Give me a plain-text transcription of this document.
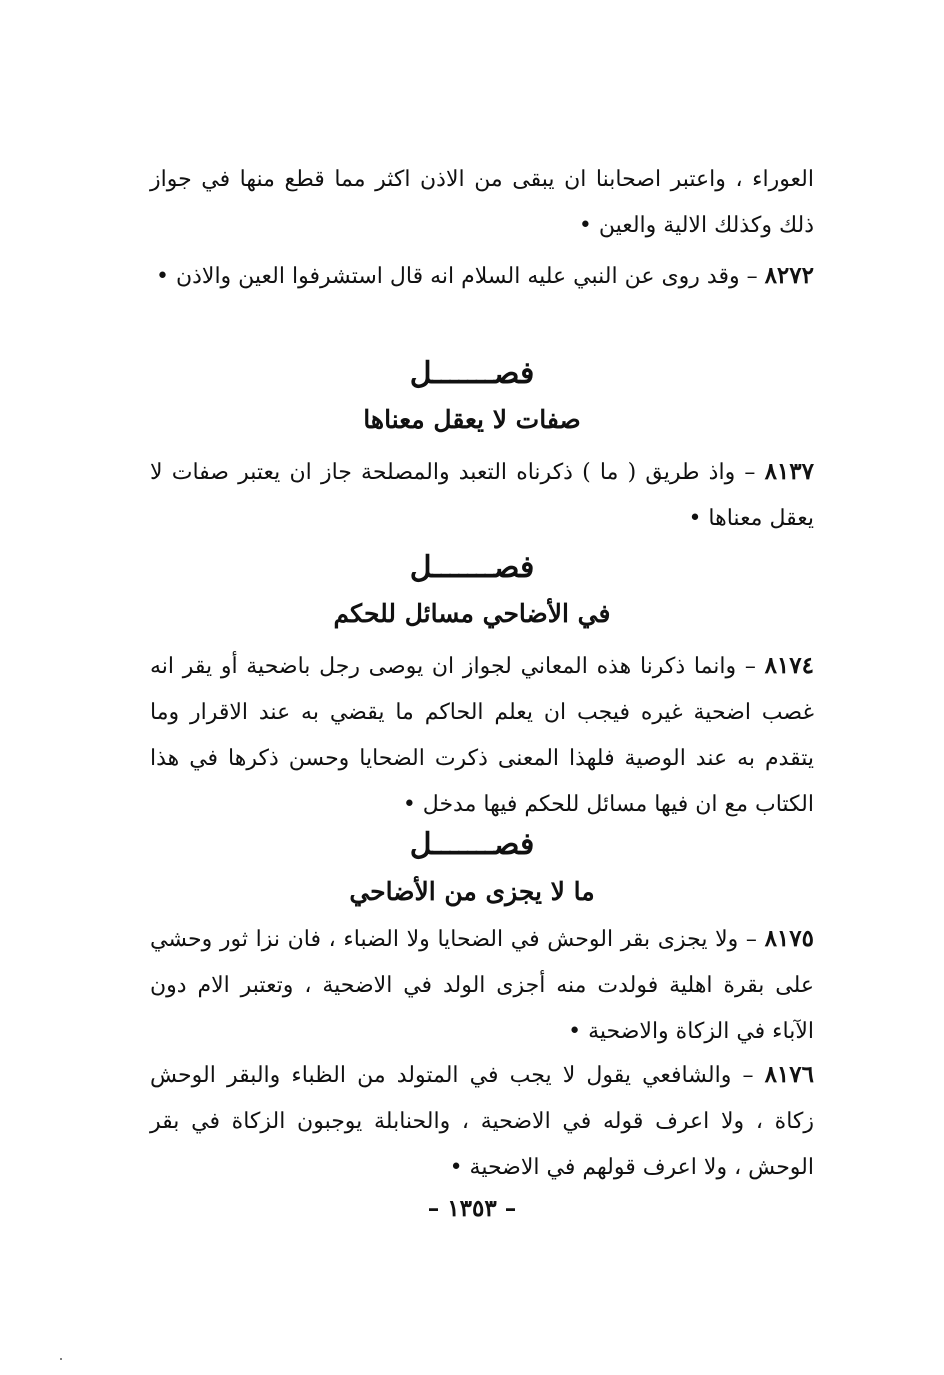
العوراء ، واعتبر اصحابنا ان يبقى من الاذن اكثر مما قطع منها في جواز ذلك وكذلك الالية والعين •
٨٢٧٢ – وقد روى عن النبي عليه السلام انه قال استشرفوا العين والاذن •
فصـــــــل
صفات لا يعقل معناها
٨١٣٧ – واذ طريق ( ما ) ذكرناه التعبد والمصلحة جاز ان يعتبر صفات لا يعقل معناها •
فصـــــــل
في الأضاحي مسائل للحكم
٨١٧٤ – وانما ذكرنا هذه المعاني لجواز ان يوصى رجل باضحية أو يقر انه غصب اضحية غيره فيجب ان يعلم الحاكم ما يقضي به عند الاقرار وما يتقدم به عند الوصية فلهذا المعنى ذكرت الضحايا وحسن ذكرها في هذا الكتاب مع ان فيها مسائل للحكم فيها مدخل •
فصـــــــل
ما لا يجزى من الأضاحي
٨١٧٥ – ولا يجزى بقر الوحش في الضحايا ولا الضباء ، فان نزا ثور وحشي على بقرة اهلية فولدت منه أجزى الولد في الاضحية ، وتعتبر الام دون الآباء في الزكاة والاضحية •
٨١٧٦ – والشافعي يقول لا يجب في المتولد من الظباء والبقر الوحش زكاة ، ولا اعرف قوله في الاضحية ، والحنابلة يوجبون الزكاة في بقر الوحش ، ولا اعرف قولهم في الاضحية •
– ١٣٥٣ –
